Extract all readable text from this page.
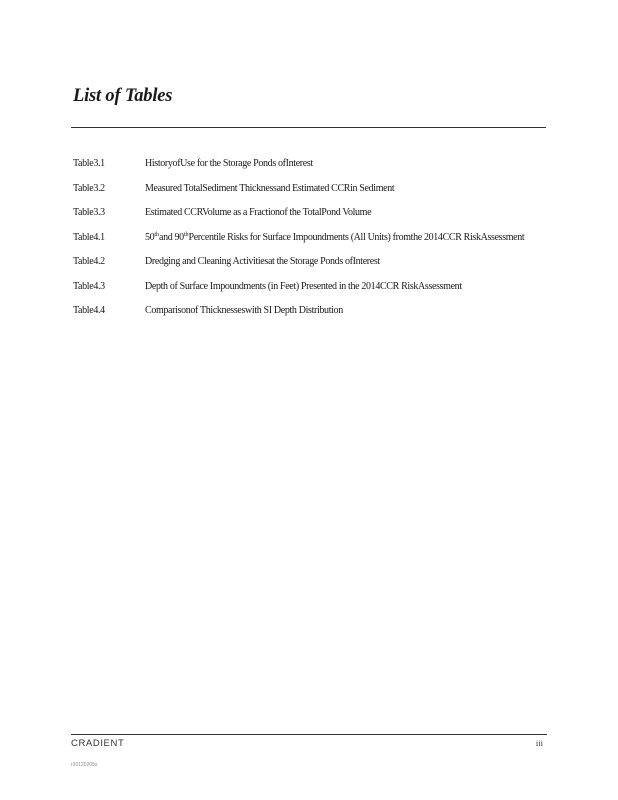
List of Tables
Table3.1	HistoryofUse for the Storage Ponds ofInterest
Table3.2	Measured TotalSediment Thicknessand Estimated CCRin Sediment
Table3.3	Estimated CCRVolume as a Fractionof the TotalPond Volume
Table4.1	50thand 90thPercentile Risks for Surface Impoundments (All Units) fromthe 2014CCR RiskAssessment
Table4.2	Dredging and Cleaning Activitiesat the Storage Ponds ofInterest
Table4.3	Depth of Surface Impoundments (in Feet) Presented in the 2014CCR RiskAssessment
Table4.4	Comparisonof Thicknesseswith SI Depth Distribution
CRADIENT	iii
r30120205s
